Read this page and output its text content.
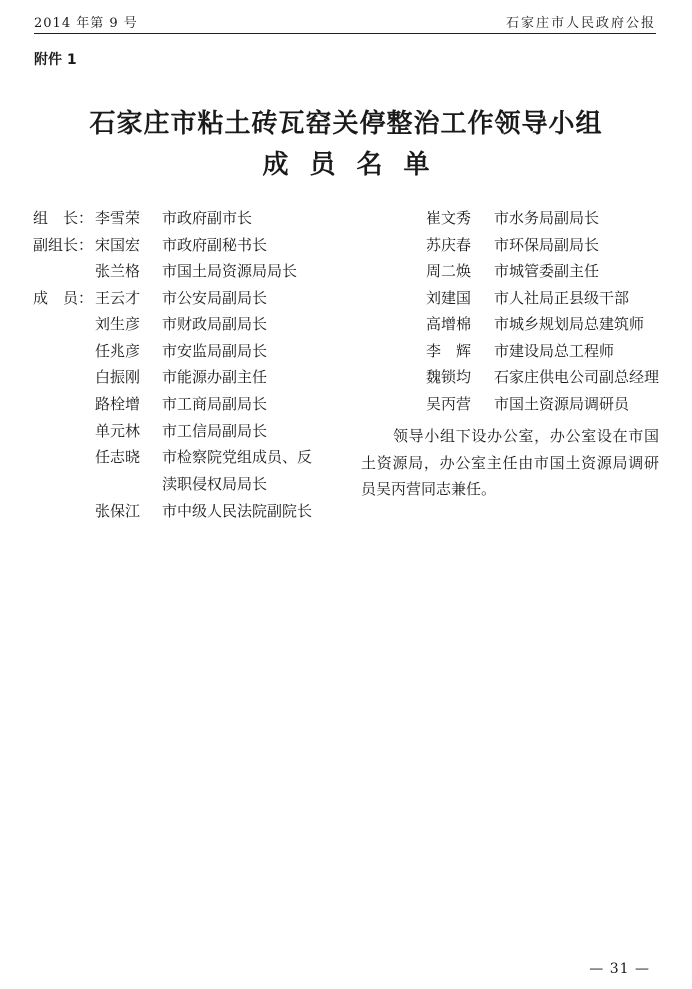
2014 年第 9 号	石家庄市人民政府公报
附件 1
石家庄市粘土砖瓦窑关停整治工作领导小组
成员名单
组　长： 李雪荣 市政府副市长
副组长： 宋国宏 市政府副秘书长
张兰格 市国土局资源局局长
成　员： 王云才 市公安局副局长
刘生彦 市财政局副局长
任兆彦 市安监局副局长
白振刚 市能源办副主任
路栓增 市工商局副局长
单元林 市工信局副局长
任志晓 市检察院党组成员、反
渎职侵权局局长
张保江 市中级人民法院副院长
崔文秀 市水务局副局长
苏庆春 市环保局副局长
周二焕 市城管委副主任
刘建国 市人社局正县级干部
高增棉 市城乡规划局总建筑师
李　辉 市建设局总工程师
魏锁均 石家庄供电公司副总经理
吴丙营 市国土资源局调研员
领导小组下设办公室，办公室设在市国土资源局，办公室主任由市国土资源局调研员吴丙营同志兼任。
— 31 —
